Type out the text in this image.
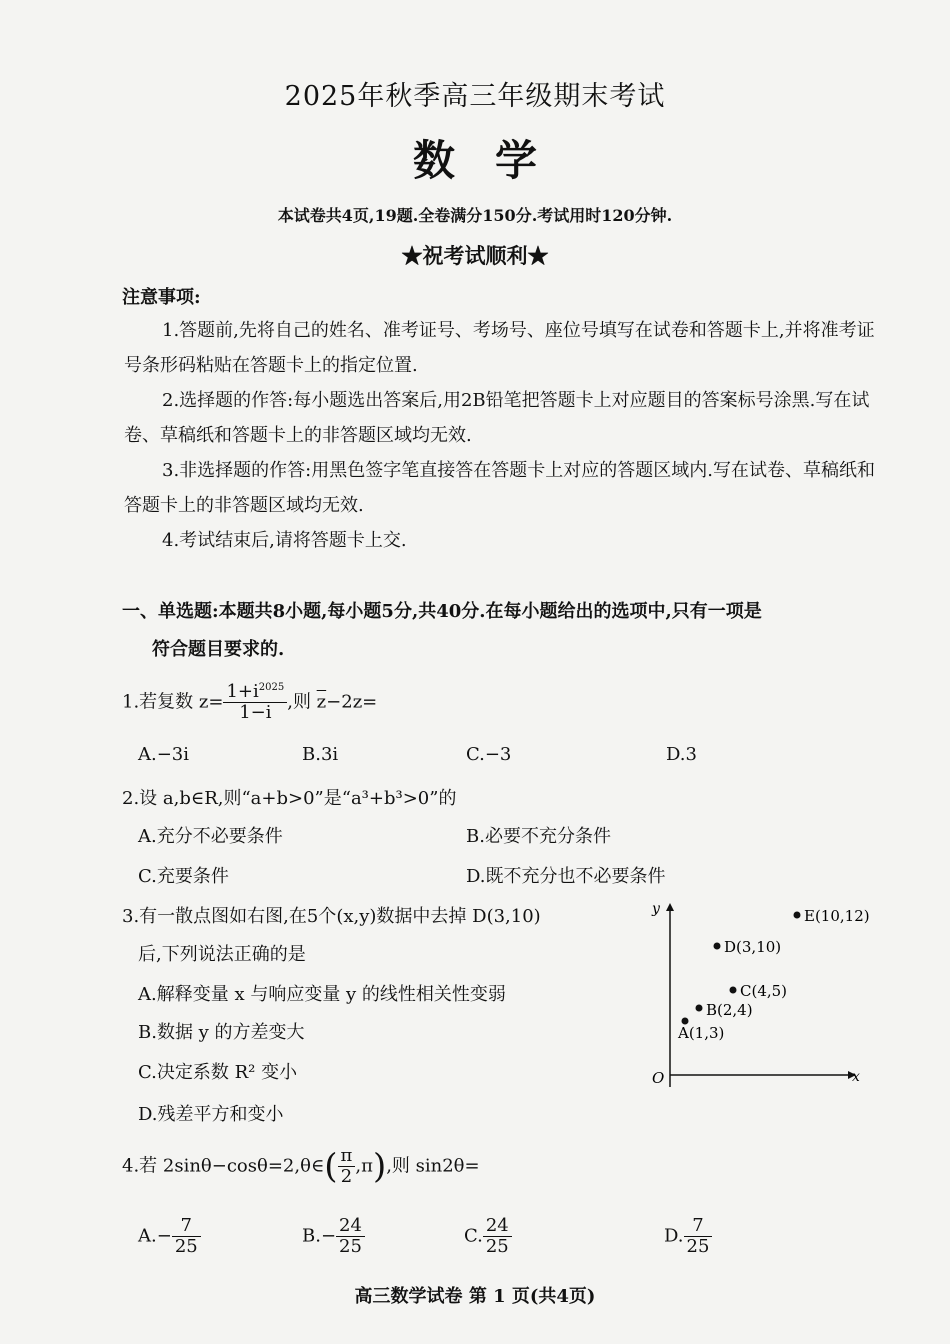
2025年秋季高三年级期末考试
数学
本试卷共4页,19题.全卷满分150分.考试用时120分钟.
★祝考试顺利★
注意事项:
1.答题前,先将自己的姓名、准考证号、考场号、座位号填写在试卷和答题卡上,并将准考证号条形码粘贴在答题卡上的指定位置.
2.选择题的作答:每小题选出答案后,用2B铅笔把答题卡上对应题目的答案标号涂黑.写在试卷、草稿纸和答题卡上的非答题区域均无效.
3.非选择题的作答:用黑色签字笔直接答在答题卡上对应的答题区域内.写在试卷、草稿纸和答题卡上的非答题区域均无效.
4.考试结束后,请将答题卡上交.
一、单选题:本题共8小题,每小题5分,共40分.在每小题给出的选项中,只有一项是
符合题目要求的.
1.若复数 $z= \frac{1+i^{2025}}{1-i}$ ,则 $\overline{z}-2z=$
A.−3i	B.3i	C.−3	D.3
2.设 a,b∈R,则“a+b>0”是“a³+b³>0”的
A.充分不必要条件	B.必要不充分条件
C.充要条件	D.既不充分也不必要条件
3.有一散点图如右图,在5个(x,y)数据中去掉 D(3,10)
后,下列说法正确的是
A.解释变量 x 与响应变量 y 的线性相关性变弱
B.数据 y 的方差变大
C.决定系数 R² 变小
D.残差平方和变小
x
y
O
A(1,3)
B(2,4)
C(4,5)
D(3,10)
E(10,12)
4.若 2sinθ−cosθ=2,θ∈( $\frac{\pi}{2} ,\pi$),则 sin2θ=
$A.- \frac{7}{25}$	$B.- \frac{24}{25}$	C. $\frac{24}{25}$	D. $\frac{7}{25}$
高三数学试卷 第 1 页(共4页)
